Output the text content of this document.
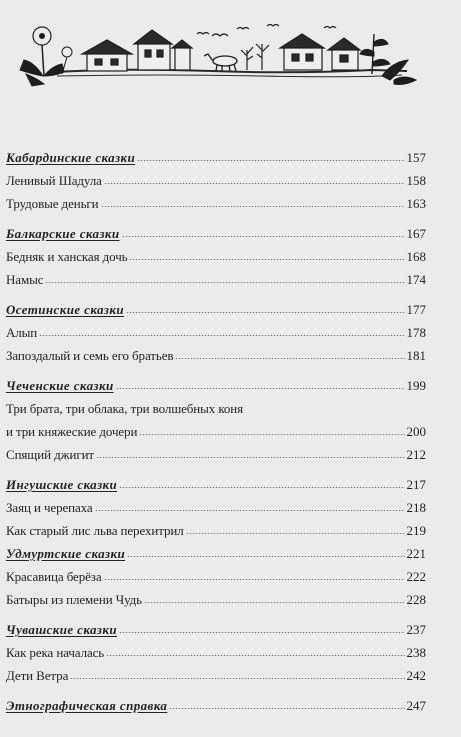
Кабардинские сказки	157
Ленивый Шадула	158
Трудовые деньги	163
Балкарские сказки	167
Бедняк и ханская дочь	168
Намыс	174
Осетинские сказки	177
Алып	178
Запоздалый и семь его братьев	181
Чеченские сказки	199
Три брата, три облака, три волшебных коня
и три княжеские дочери	200
Спящий джигит	212
Ингушские сказки	217
Заяц и черепаха	218
Как старый лис льва перехитрил	219
Удмуртские сказки	221
Красавица берёза	222
Батыры из племени Чудь	228
Чувашские сказки	237
Как река началась	238
Дети Ветра	242
Этнографическая справка	247
